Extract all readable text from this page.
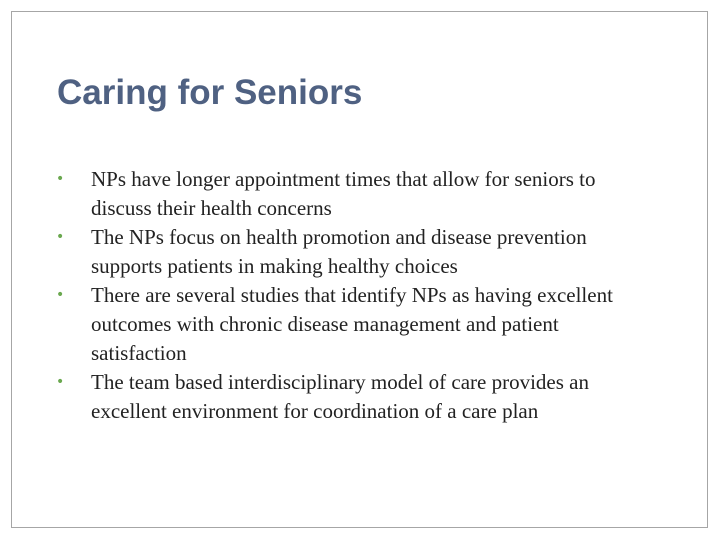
Caring for Seniors
• NPs have longer appointment times that allow for seniors to discuss their health concerns
• The NPs focus on health promotion and disease prevention supports patients in making healthy choices
• There are several studies that identify NPs as having excellent outcomes with chronic disease management and patient satisfaction
• The team based interdisciplinary model of care provides an excellent environment for coordination of a care plan
